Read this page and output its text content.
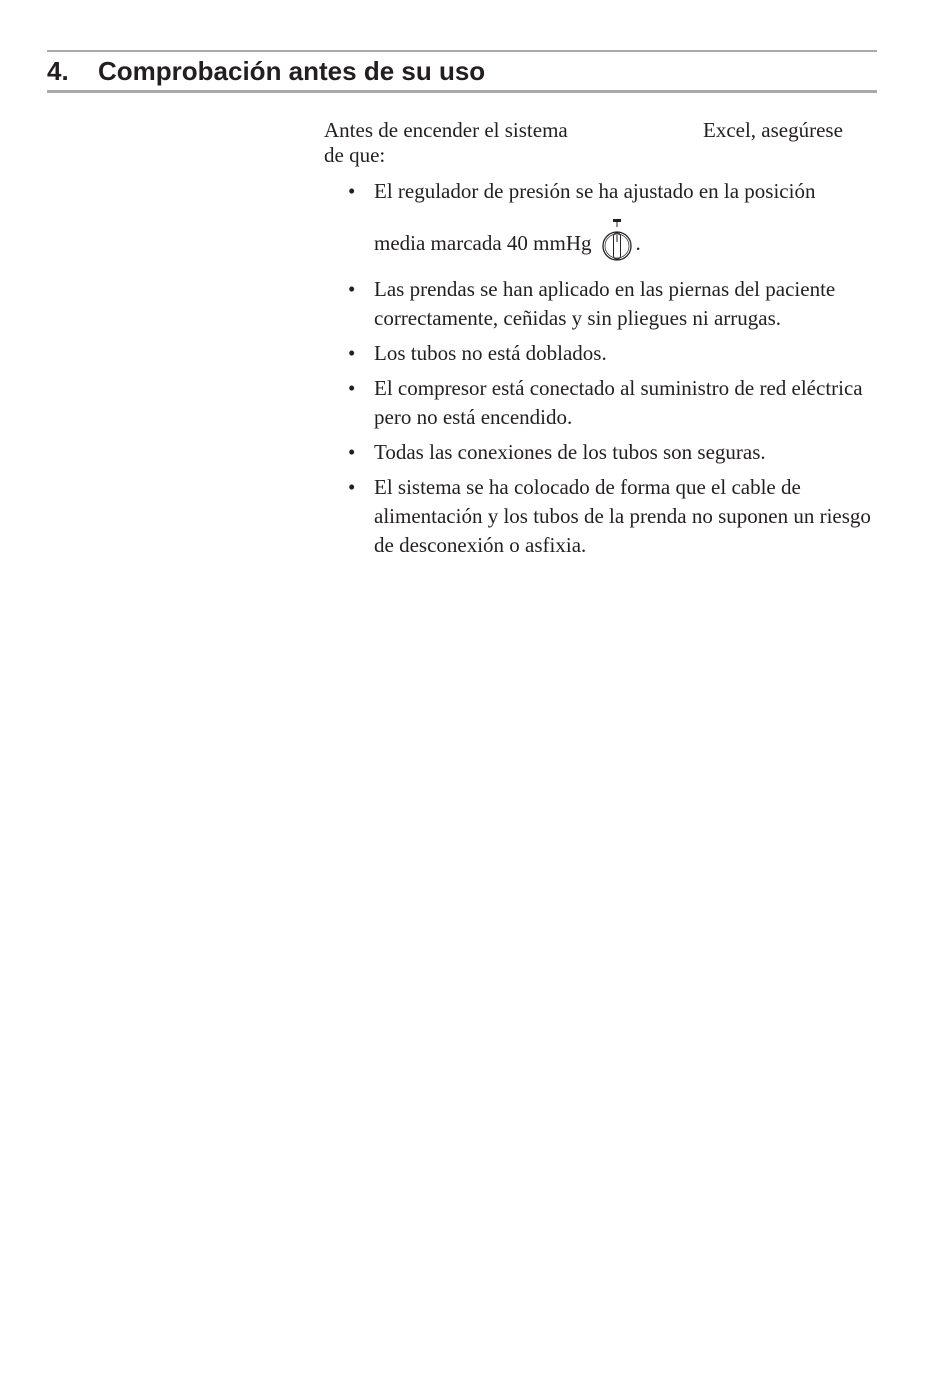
4. Comprobación antes de su uso

Antes de encender el sistema	Excel, asegúrese
de que:

• El regulador de presión se ha ajustado en la posición
media marcada 40 mmHg .
• Las prendas se han aplicado en las piernas del paciente correctamente, ceñidas y sin pliegues ni arrugas.
• Los tubos no está doblados.
• El compresor está conectado al suministro de red eléctrica pero no está encendido.
• Todas las conexiones de los tubos son seguras.
• El sistema se ha colocado de forma que el cable de alimentación y los tubos de la prenda no suponen un riesgo de desconexión o asfixia.
